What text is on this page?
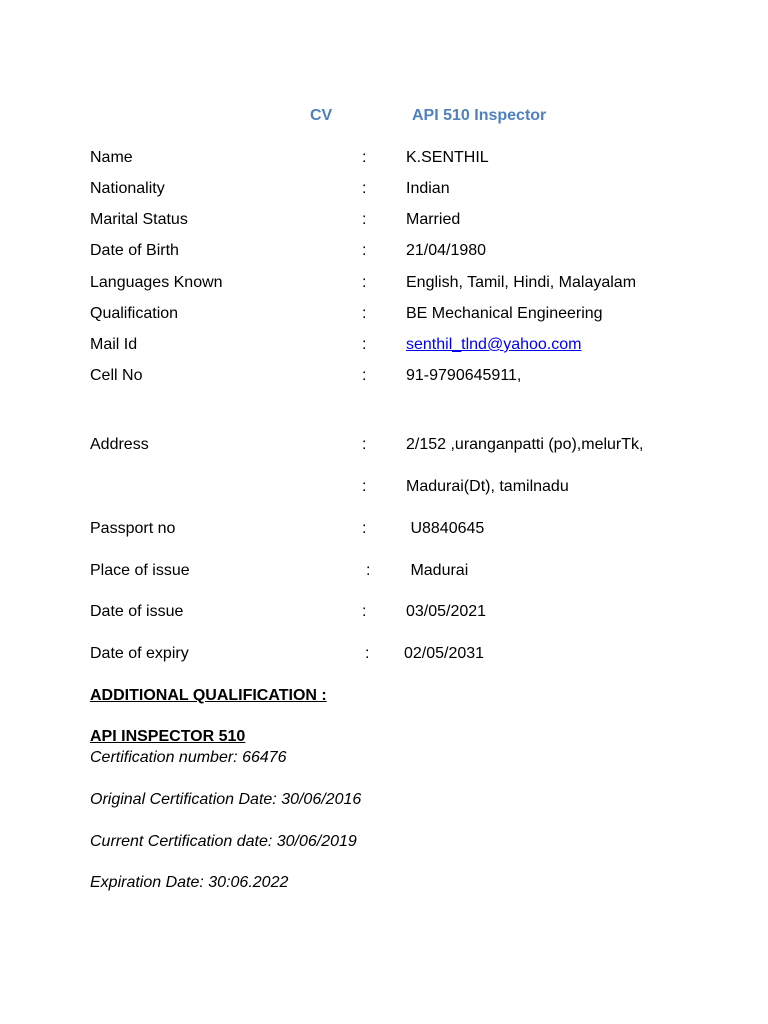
CV	API 510 Inspector
Name	: K.SENTHIL
Nationality	: Indian
Marital Status	: Married
Date of Birth	: 21/04/1980
Languages Known	: English, Tamil, Hindi, Malayalam
Qualification	: BE Mechanical Engineering
Mail Id	: senthil_tlnd@yahoo.com
Cell No	: 91-9790645911,
Address	: 2/152 ,uranganpatti (po),melurTk,
: Madurai(Dt), tamilnadu
Passport no	: U8840645
Place of issue	: Madurai
Date of issue	: 03/05/2021
Date of expiry	: 02/05/2031
ADDITIONAL QUALIFICATION :
API INSPECTOR 510
Certification number: 66476
Original Certification Date: 30/06/2016
Current Certification date: 30/06/2019
Expiration Date: 30:06.2022
